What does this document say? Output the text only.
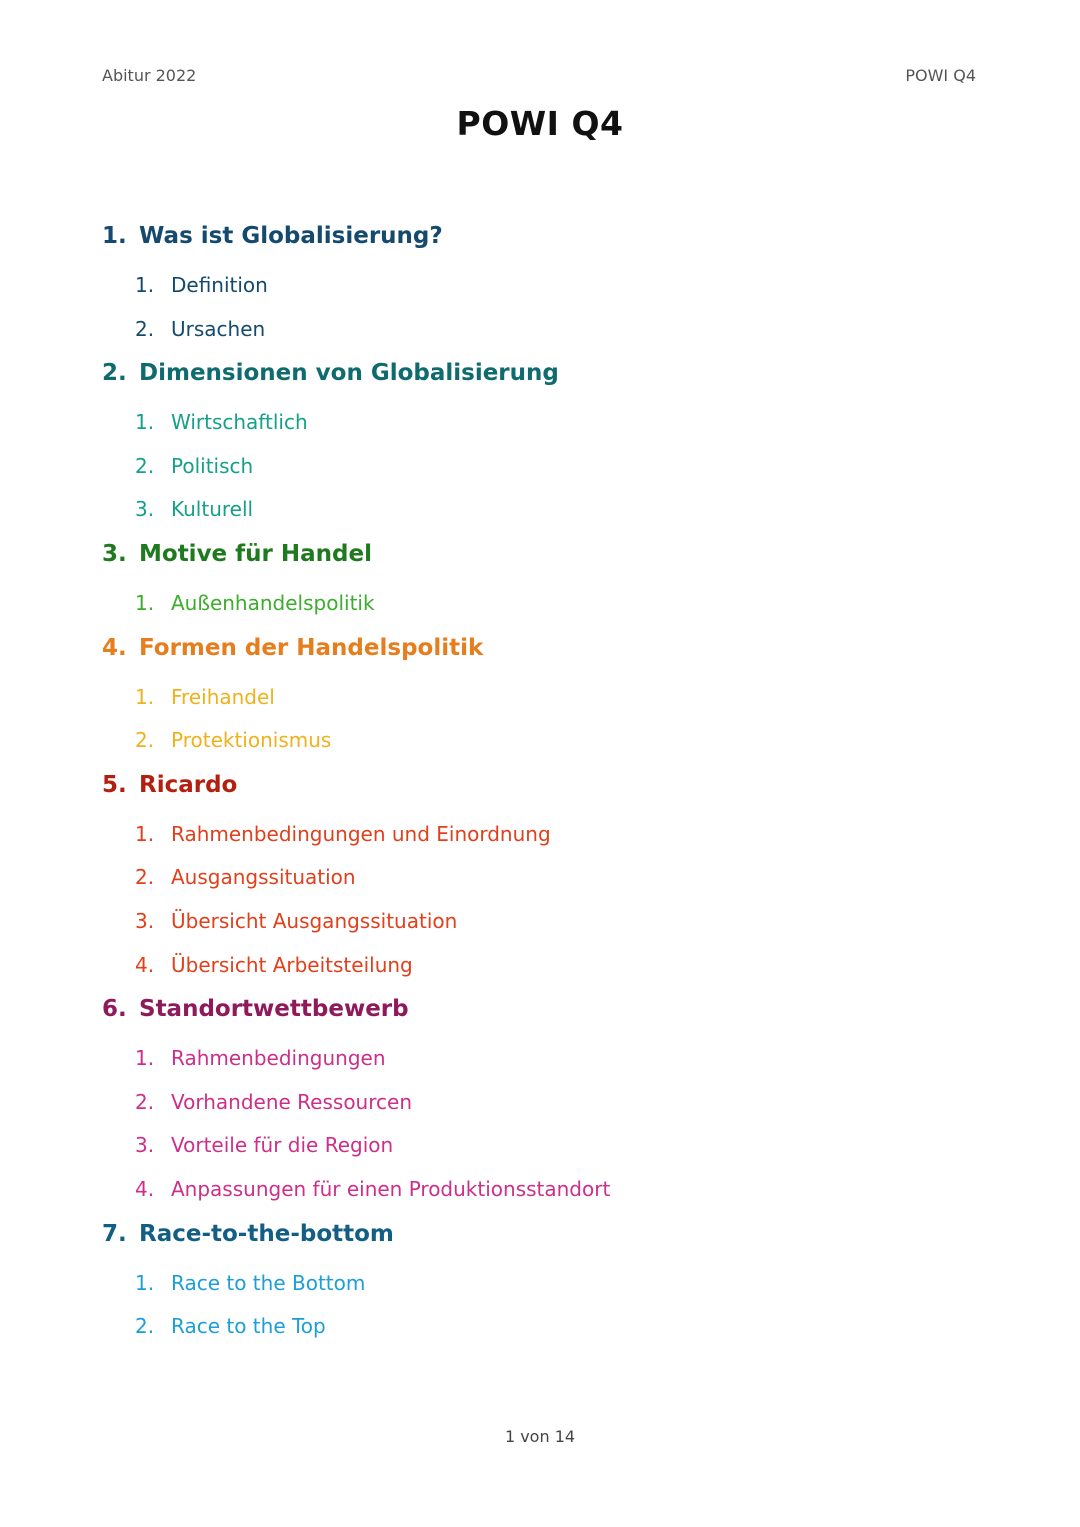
Abitur 2022	POWI Q4
POWI Q4
1. Was ist Globalisierung?
1. Definition
2. Ursachen
2. Dimensionen von Globalisierung
1. Wirtschaftlich
2. Politisch
3. Kulturell
3. Motive für Handel
1. Außenhandelspolitik
4. Formen der Handelspolitik
1. Freihandel
2. Protektionismus
5. Ricardo
1. Rahmenbedingungen und Einordnung
2. Ausgangssituation
3. Übersicht Ausgangssituation
4. Übersicht Arbeitsteilung
6. Standortwettbewerb
1. Rahmenbedingungen
2. Vorhandene Ressourcen
3. Vorteile für die Region
4. Anpassungen für einen Produktionsstandort
7. Race-to-the-bottom
1. Race to the Bottom
2. Race to the Top
1 von 14
